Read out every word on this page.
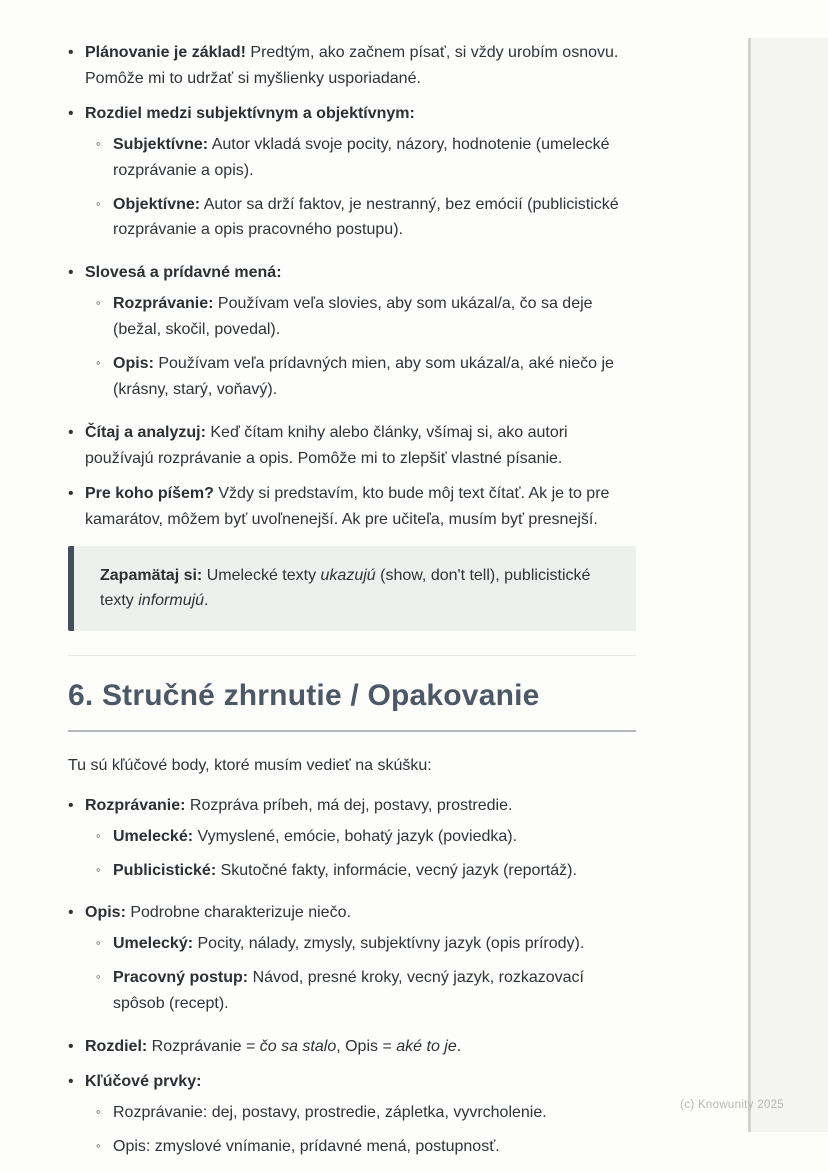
• Plánovanie je základ! Predtým, ako začnem písať, si vždy urobím osnovu. Pomôže mi to udržať si myšlienky usporiadané.
• Rozdiel medzi subjektívnym a objektívnym:
◦ Subjektívne: Autor vkladá svoje pocity, názory, hodnotenie (umelecké rozprávanie a opis).
◦ Objektívne: Autor sa drží faktov, je nestranný, bez emócií (publicistické rozprávanie a opis pracovného postupu).
• Slovesá a prídavné mená:
◦ Rozprávanie: Používam veľa slovies, aby som ukázal/a, čo sa deje (bežal, skočil, povedal).
◦ Opis: Používam veľa prídavných mien, aby som ukázal/a, aké niečo je (krásny, starý, voňavý).
• Čítaj a analyzuj: Keď čítam knihy alebo články, všímaj si, ako autori používajú rozprávanie a opis. Pomôže mi to zlepšiť vlastné písanie.
• Pre koho píšem? Vždy si predstavím, kto bude môj text čítať. Ak je to pre kamarátov, môžem byť uvoľnenejší. Ak pre učiteľa, musím byť presnejší.
Zapamätaj si: Umelecké texty ukazujú (show, don't tell), publicistické texty informujú.
6. Stručné zhrnutie / Opakovanie

Tu sú kľúčové body, ktoré musím vedieť na skúšku:

• Rozprávanie: Rozpráva príbeh, má dej, postavy, prostredie.
◦ Umelecké: Vymyslené, emócie, bohatý jazyk (poviedka).
◦ Publicistické: Skutočné fakty, informácie, vecný jazyk (reportáž).
• Opis: Podrobne charakterizuje niečo.
◦ Umelecký: Pocity, nálady, zmysly, subjektívny jazyk (opis prírody).
◦ Pracovný postup: Návod, presné kroky, vecný jazyk, rozkazovací spôsob (recept).
• Rozdiel: Rozprávanie = čo sa stalo, Opis = aké to je.
• Kľúčové prvky:
◦ Rozprávanie: dej, postavy, prostredie, zápletka, vyvrcholenie.
◦ Opis: zmyslové vnímanie, prídavné mená, postupnosť.
(c) Knowunity 2025
